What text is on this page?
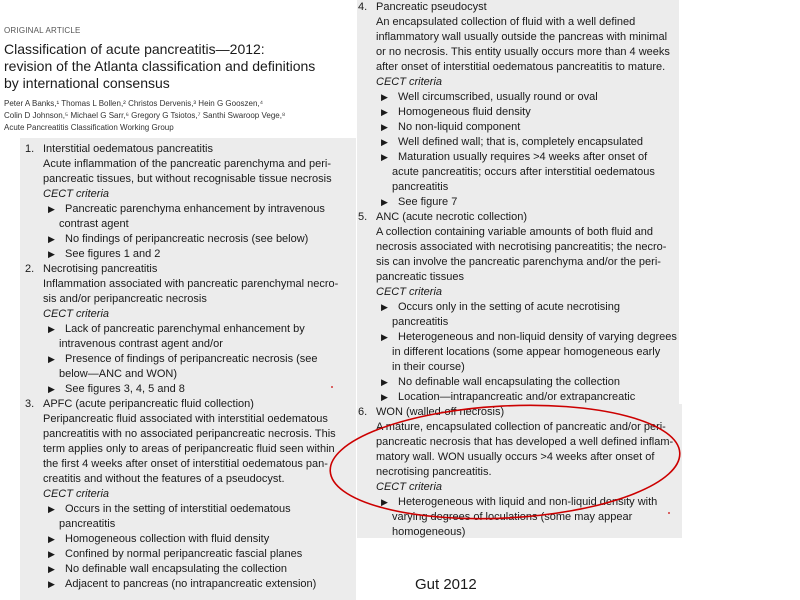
ORIGINAL ARTICLE
Classification of acute pancreatitis—2012:
revision of the Atlanta classification and definitions
by international consensus
Peter A Banks,¹ Thomas L Bollen,² Christos Dervenis,³ Hein G Gooszen,⁴
Colin D Johnson,⁵ Michael G Sarr,⁶ Gregory G Tsiotos,⁷ Santhi Swaroop Vege,⁸
Acute Pancreatitis Classification Working Group
1. Interstitial oedematous pancreatitis
Acute inflammation of the pancreatic parenchyma and peri-
pancreatic tissues, but without recognisable tissue necrosis
CECT criteria
▶ Pancreatic parenchyma enhancement by intravenous
contrast agent
▶ No findings of peripancreatic necrosis (see below)
▶ See figures 1 and 2
2. Necrotising pancreatitis
Inflammation associated with pancreatic parenchymal necro-
sis and/or peripancreatic necrosis
CECT criteria
▶ Lack of pancreatic parenchymal enhancement by
intravenous contrast agent and/or
▶ Presence of findings of peripancreatic necrosis (see
below—ANC and WON)
▶ See figures 3, 4, 5 and 8
3. APFC (acute peripancreatic fluid collection)
Peripancreatic fluid associated with interstitial oedematous
pancreatitis with no associated peripancreatic necrosis. This
term applies only to areas of peripancreatic fluid seen within
the first 4 weeks after onset of interstitial oedematous pan-
creatitis and without the features of a pseudocyst.
CECT criteria
▶ Occurs in the setting of interstitial oedematous
pancreatitis
▶ Homogeneous collection with fluid density
▶ Confined by normal peripancreatic fascial planes
▶ No definable wall encapsulating the collection
▶ Adjacent to pancreas (no intrapancreatic extension)
4. Pancreatic pseudocyst
An encapsulated collection of fluid with a well defined
inflammatory wall usually outside the pancreas with minimal
or no necrosis. This entity usually occurs more than 4 weeks
after onset of interstitial oedematous pancreatitis to mature.
CECT criteria
▶ Well circumscribed, usually round or oval
▶ Homogeneous fluid density
▶ No non-liquid component
▶ Well defined wall; that is, completely encapsulated
▶ Maturation usually requires >4 weeks after onset of
acute pancreatitis; occurs after interstitial oedematous
pancreatitis
▶ See figure 7
5. ANC (acute necrotic collection)
A collection containing variable amounts of both fluid and
necrosis associated with necrotising pancreatitis; the necro-
sis can involve the pancreatic parenchyma and/or the peri-
pancreatic tissues
CECT criteria
▶ Occurs only in the setting of acute necrotising
pancreatitis
▶ Heterogeneous and non-liquid density of varying degrees
in different locations (some appear homogeneous early
in their course)
▶ No definable wall encapsulating the collection
▶ Location—intrapancreatic and/or extrapancreatic
6. WON (walled-off necrosis)
A mature, encapsulated collection of pancreatic and/or peri-
pancreatic necrosis that has developed a well defined inflam-
matory wall. WON usually occurs >4 weeks after onset of
necrotising pancreatitis.
CECT criteria
▶ Heterogeneous with liquid and non-liquid density with
varying degrees of loculations (some may appear
homogeneous)
Gut 2012
